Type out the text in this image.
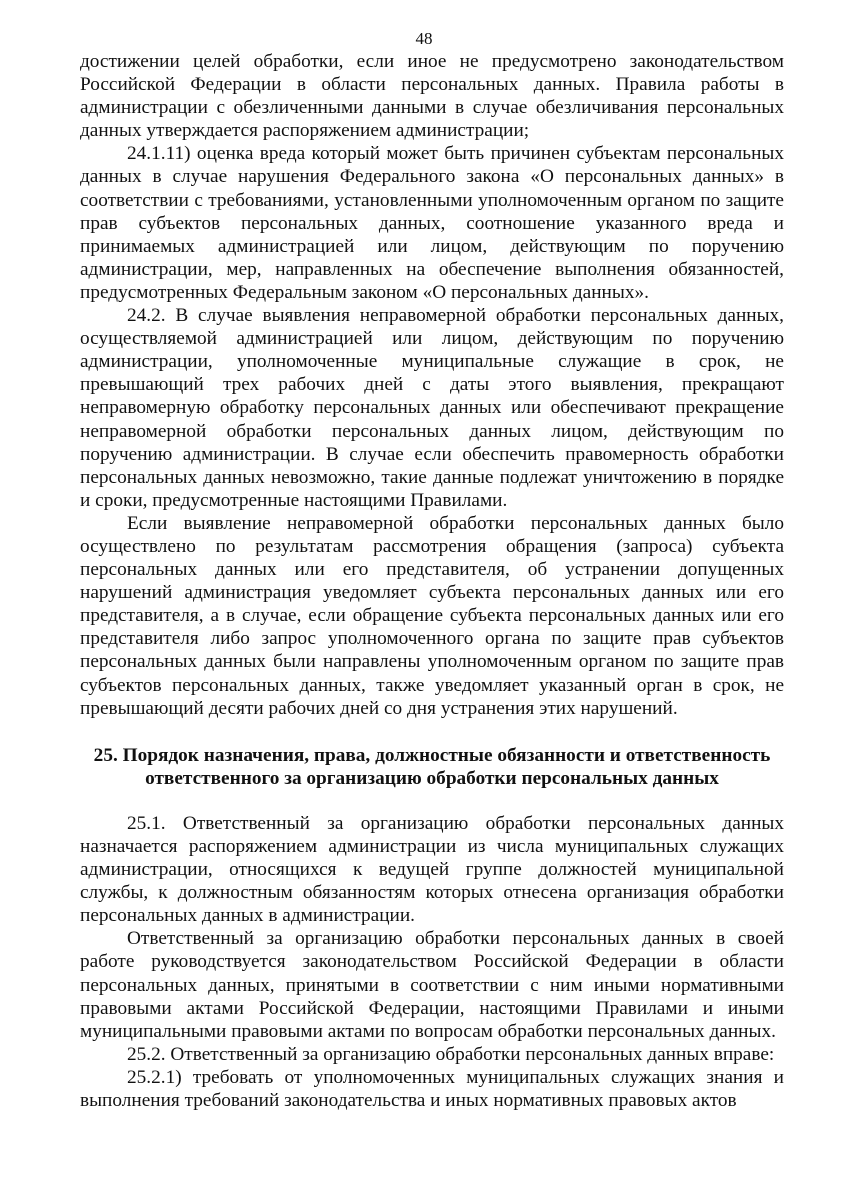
48

достижении целей обработки, если иное не предусмотрено законодательством Российской Федерации в области персональных данных. Правила работы в администрации с обезличенными данными в случае обезличивания персональных данных утверждается распоряжением администрации;

24.1.11) оценка вреда который может быть причинен субъектам персональных данных в случае нарушения Федерального закона «О персональных данных» в соответствии с требованиями, установленными уполномоченным органом по защите прав субъектов персональных данных, соотношение указанного вреда и принимаемых администрацией или лицом, действующим по поручению администрации, мер, направленных на обеспечение выполнения обязанностей, предусмотренных Федеральным законом «О персональных данных».

24.2. В случае выявления неправомерной обработки персональных данных, осуществляемой администрацией или лицом, действующим по поручению администрации, уполномоченные муниципальные служащие в срок, не превышающий трех рабочих дней с даты этого выявления, прекращают неправомерную обработку персональных данных или обеспечивают прекращение неправомерной обработки персональных данных лицом, действующим по поручению администрации. В случае если обеспечить правомерность обработки персональных данных невозможно, такие данные подлежат уничтожению в порядке и сроки, предусмотренные настоящими Правилами.

Если выявление неправомерной обработки персональных данных было осуществлено по результатам рассмотрения обращения (запроса) субъекта персональных данных или его представителя, об устранении допущенных нарушений администрация уведомляет субъекта персональных данных или его представителя, а в случае, если обращение субъекта персональных данных или его представителя либо запрос уполномоченного органа по защите прав субъектов персональных данных были направлены уполномоченным органом по защите прав субъектов персональных данных, также уведомляет указанный орган в срок, не превышающий десяти рабочих дней со дня устранения этих нарушений.

25. Порядок назначения, права, должностные обязанности и ответственность ответственного за организацию обработки персональных данных

25.1. Ответственный за организацию обработки персональных данных назначается распоряжением администрации из числа муниципальных служащих администрации, относящихся к ведущей группе должностей муниципальной службы, к должностным обязанностям которых отнесена организация обработки персональных данных в администрации.

Ответственный за организацию обработки персональных данных в своей работе руководствуется законодательством Российской Федерации в области персональных данных, принятыми в соответствии с ним иными нормативными правовыми актами Российской Федерации, настоящими Правилами и иными муниципальными правовыми актами по вопросам обработки персональных данных.

25.2. Ответственный за организацию обработки персональных данных вправе:

25.2.1) требовать от уполномоченных муниципальных служащих знания и выполнения требований законодательства и иных нормативных правовых актов
